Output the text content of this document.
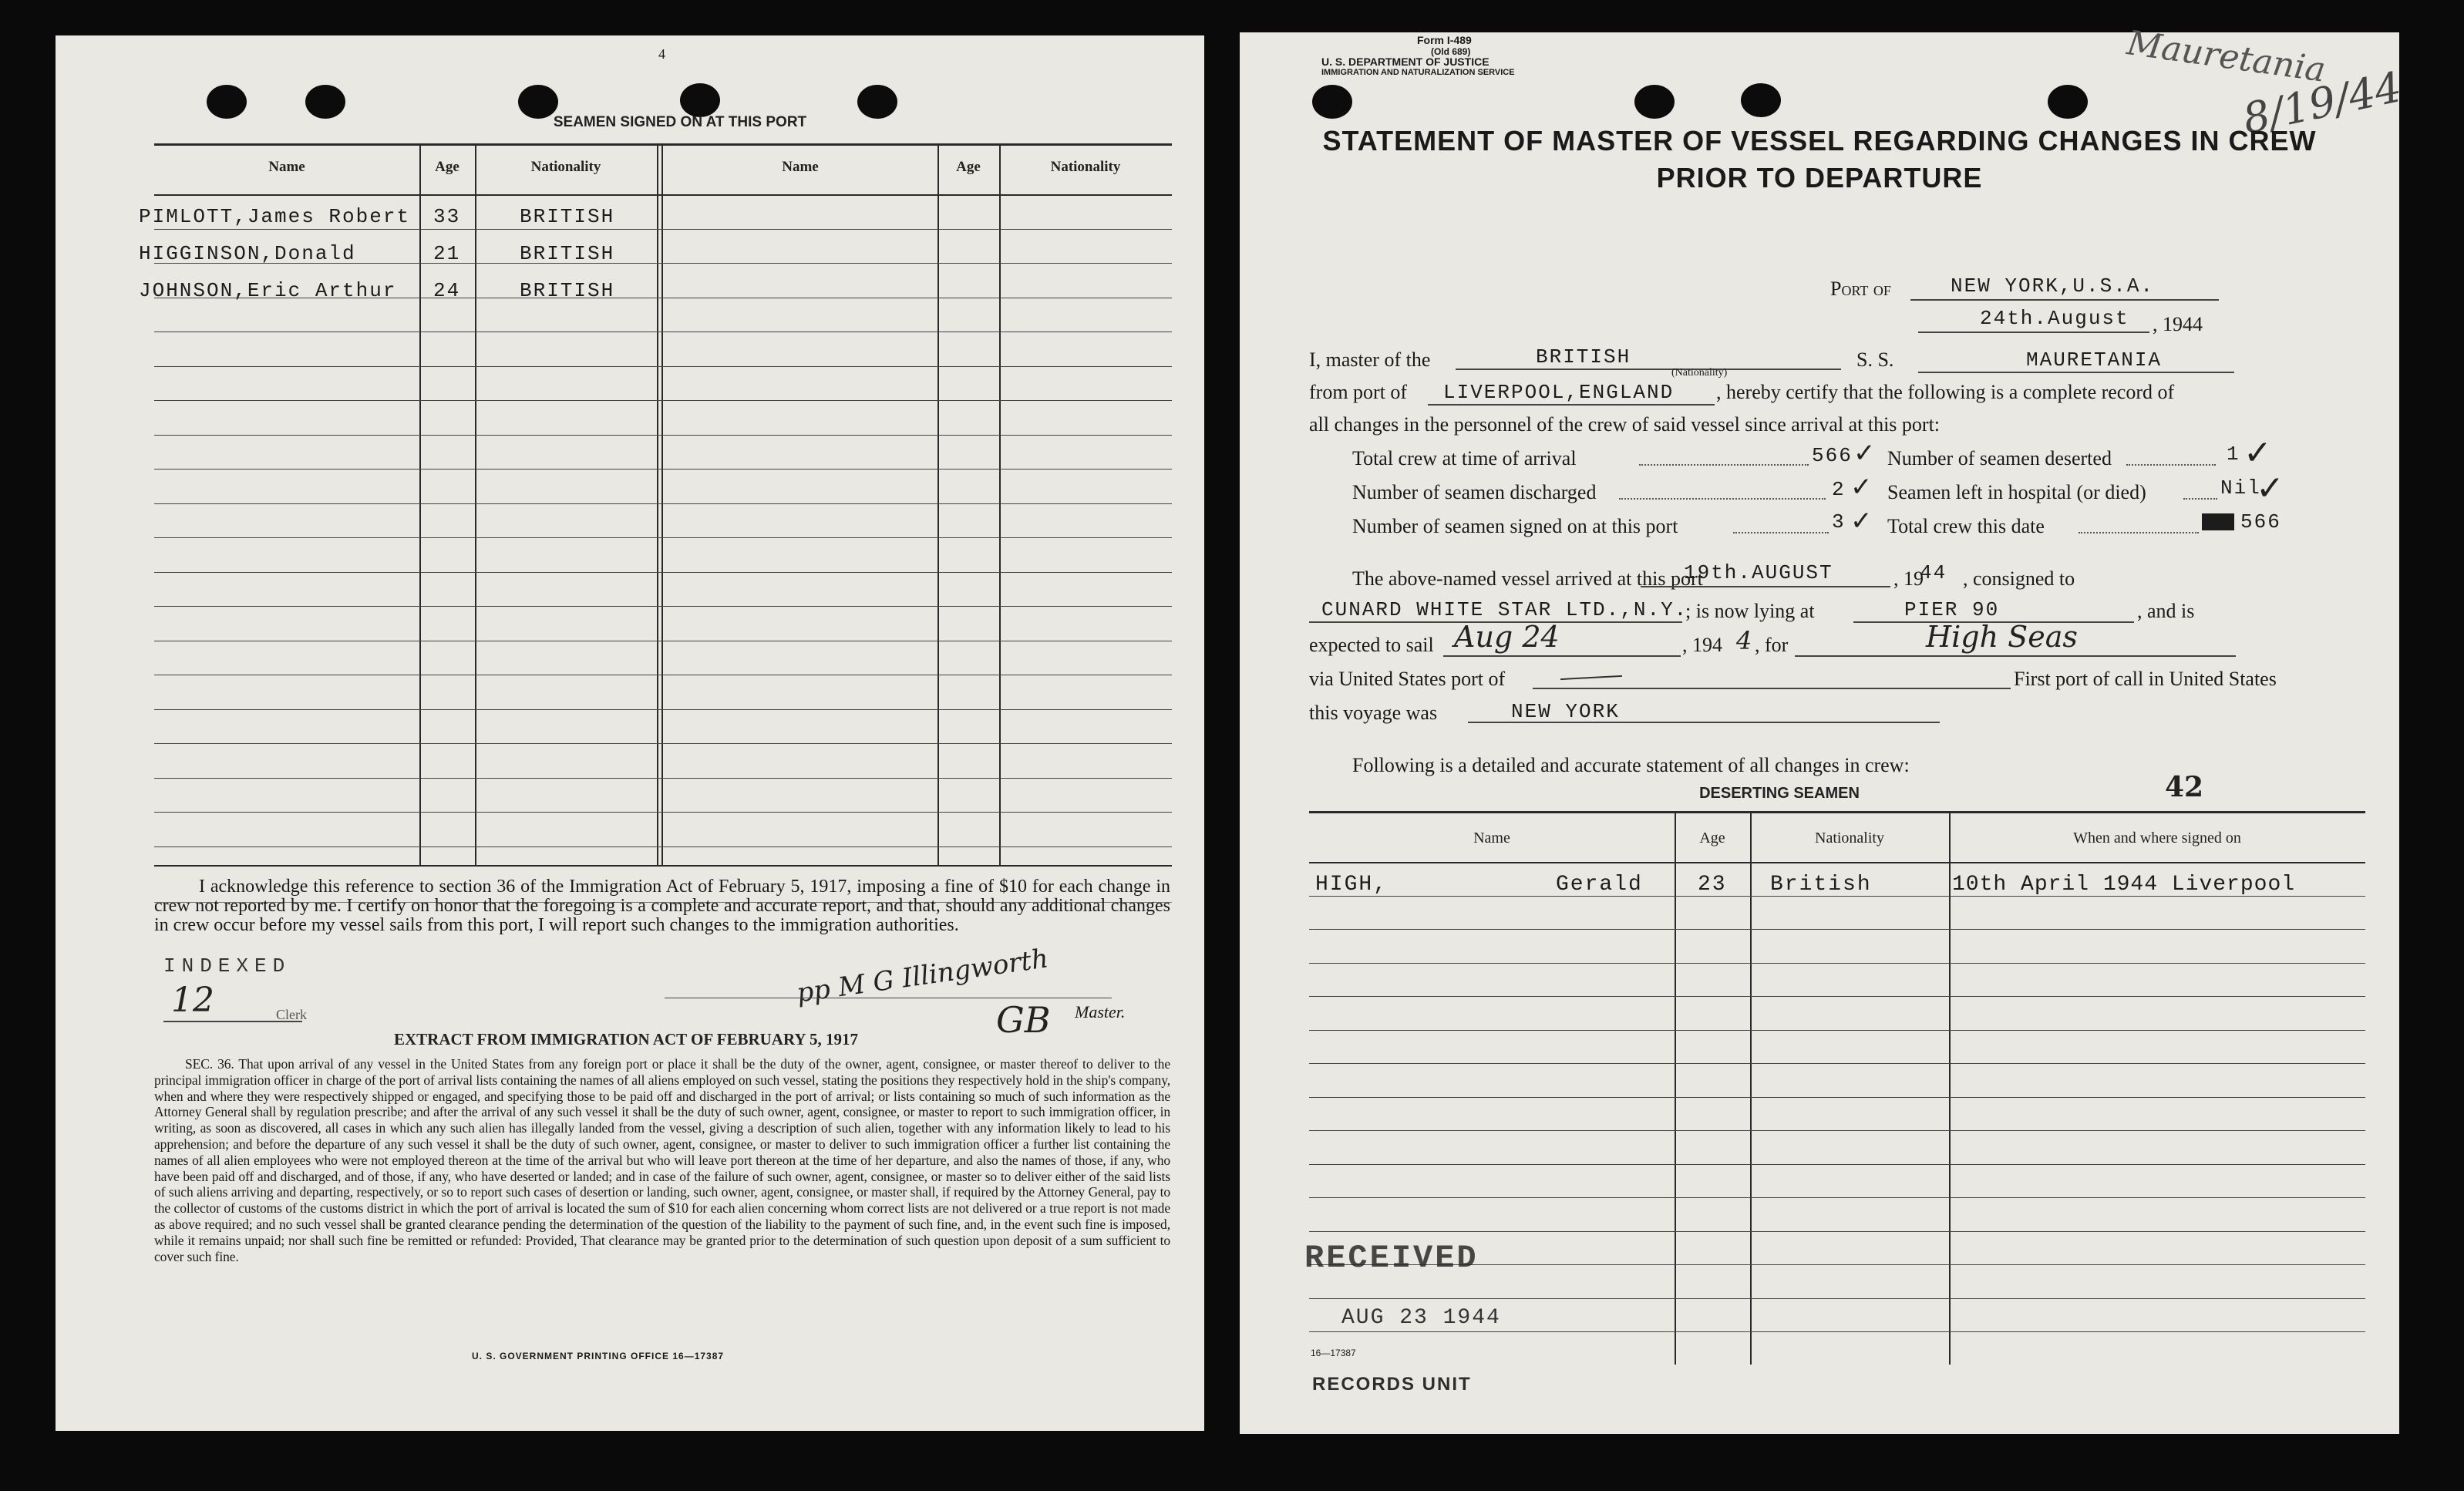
4
SEAMEN SIGNED ON AT THIS PORT
Name	Age	Nationality	Name	Age	Nationality
PIMLOTT,James Robert 33	BRITISH
HIGGINSON,Donald	21	BRITISH
JOHNSON,Eric Arthur 24	BRITISH
I acknowledge this reference to section 36 of the Immigration Act of February 5, 1917, imposing a fine of $10 for each change in crew not reported by me. I certify on honor that the foregoing is a complete and accurate report, and that, should any additional changes in crew occur before my vessel sails from this port, I will report such changes to the immigration authorities.
INDEXED
12	Clerk
pp M G Illingworth
GB Master.
EXTRACT FROM IMMIGRATION ACT OF FEBRUARY 5, 1917
SEC. 36. That upon arrival of any vessel in the United States from any foreign port or place it shall be the duty of the owner, agent, consignee, or master thereof to deliver to the principal immigration officer in charge of the port of arrival lists containing the names of all aliens employed on such vessel, stating the positions they respectively hold in the ship's company, when and where they were respectively shipped or engaged, and specifying those to be paid off and discharged in the port of arrival; or lists containing so much of such information as the Attorney General shall by regulation prescribe; and after the arrival of any such vessel it shall be the duty of such owner, agent, consignee, or master to report to such immigration officer, in writing, as soon as discovered, all cases in which any such alien has illegally landed from the vessel, giving a description of such alien, together with any information likely to lead to his apprehension; and before the departure of any such vessel it shall be the duty of such owner, agent, consignee, or master to deliver to such immigration officer a further list containing the names of all alien employees who were not employed thereon at the time of the arrival but who will leave port thereon at the time of her departure, and also the names of those, if any, who have been paid off and discharged, and of those, if any, who have deserted or landed; and in case of the failure of such owner, agent, consignee, or master so to deliver either of the said lists of such aliens arriving and departing, respectively, or so to report such cases of desertion or landing, such owner, agent, consignee, or master shall, if required by the Attorney General, pay to the collector of customs of the customs district in which the port of arrival is located the sum of $10 for each alien concerning whom correct lists are not delivered or a true report is not made as above required; and no such vessel shall be granted clearance pending the determination of the question of the liability to the payment of such fine, and, in the event such fine is imposed, while it remains unpaid; nor shall such fine be remitted or refunded: Provided, That clearance may be granted prior to the determination of such question upon deposit of a sum sufficient to cover such fine.
U. S. GOVERNMENT PRINTING OFFICE 16—17387
Form I-489
(Old 689)
U. S. DEPARTMENT OF JUSTICE
IMMIGRATION AND NATURALIZATION SERVICE	Mauretania
8/19/44
STATEMENT OF MASTER OF VESSEL REGARDING CHANGES IN CREW
PRIOR TO DEPARTURE
Port of	NEW YORK,U.S.A.
24th.August , 1944
I, master of the	BRITISH
(Nationality)
S. S.	MAURETANIA
from port of LIVERPOOL,ENGLAND , hereby certify that the following is a complete record of
all changes in the personnel of the crew of said vessel since arrival at this port:
Total crew at time of arrival	566 ✓
Number of seamen discharged	2 ✓
Number of seamen signed on at this port	3 ✓
Number of seamen deserted	1 ✓
Seamen left in hospital (or died)	Nil
✓
Total crew this date	566
The above-named vessel arrived at this port
19th.AUGUST	, 19
44 , consigned to
CUNARD WHITE STAR LTD.,N.Y.
; is now lying at	PIER 90	, and is
expected to sail Aug 24	, 194 4 , for	High Seas
via United States port of	First port of call in United States
this voyage was	NEW YORK
Following is a detailed and accurate statement of all changes in crew:
DESERTING SEAMEN	42
Name	Age	Nationality	When and where signed on
HIGH,	Gerald	23 British	10th April 1944 Liverpool
RECEIVED
AUG 23 1944
16—17387
RECORDS UNIT
